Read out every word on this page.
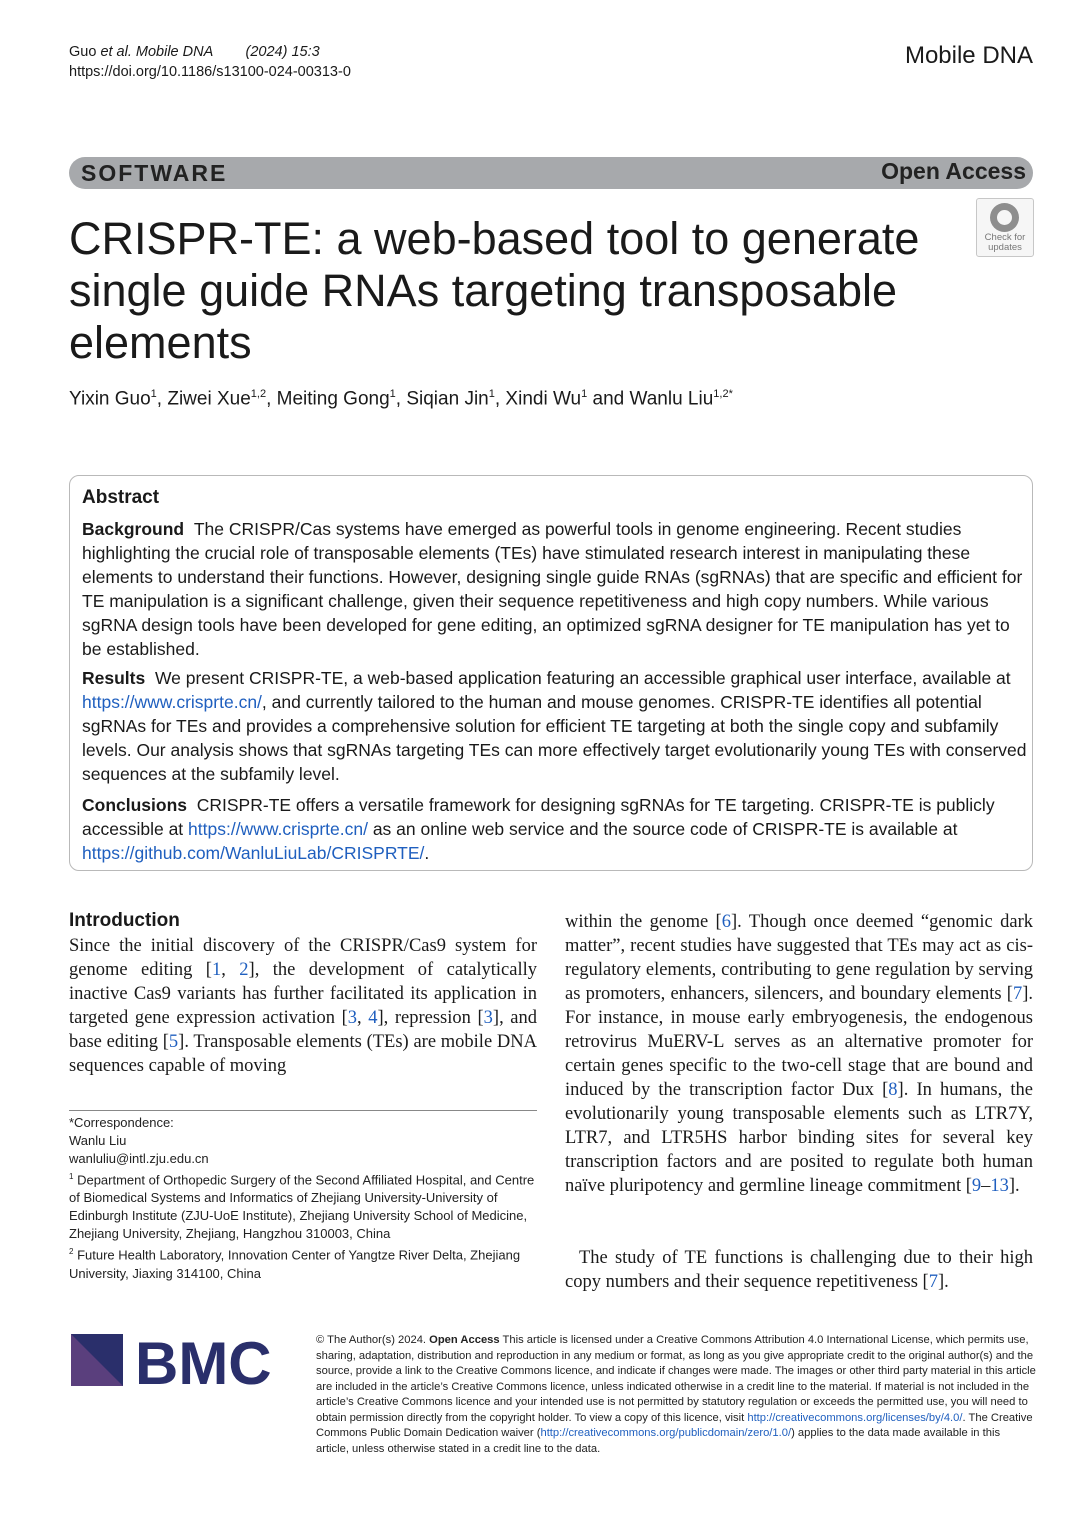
Guo et al. Mobile DNA (2024) 15:3
https://doi.org/10.1186/s13100-024-00313-0
Mobile DNA
SOFTWARE	Open Access
Check for
updates
CRISPR-TE: a web-based tool to generate single guide RNAs targeting transposable elements
Yixin Guo$^1$, Ziwei Xue$^{1,2}$, Meiting Gong$^1$, Siqian Jin$^1$, Xindi Wu$^1$ and Wanlu Liu$^{1,2*}$
Abstract
Background The CRISPR/Cas systems have emerged as powerful tools in genome engineering. Recent studies highlighting the crucial role of transposable elements (TEs) have stimulated research interest in manipulating these elements to understand their functions. However, designing single guide RNAs (sgRNAs) that are specific and efficient for TE manipulation is a significant challenge, given their sequence repetitiveness and high copy numbers. While various sgRNA design tools have been developed for gene editing, an optimized sgRNA designer for TE manipulation has yet to be established.
Results We present CRISPR-TE, a web-based application featuring an accessible graphical user interface, available at https://www.crisprte.cn/, and currently tailored to the human and mouse genomes. CRISPR-TE identifies all potential sgRNAs for TEs and provides a comprehensive solution for efficient TE targeting at both the single copy and subfamily levels. Our analysis shows that sgRNAs targeting TEs can more effectively target evolutionarily young TEs with conserved sequences at the subfamily level.
Conclusions CRISPR-TE offers a versatile framework for designing sgRNAs for TE targeting. CRISPR-TE is publicly accessible at https://www.crisprte.cn/ as an online web service and the source code of CRISPR-TE is available at https://github.com/WanluLiuLab/CRISPRTE/.
Introduction
Since the initial discovery of the CRISPR/Cas9 system for genome editing [1, 2], the development of catalytically inactive Cas9 variants has further facilitated its application in targeted gene expression activation [3, 4], repression [3], and base editing [5]. Transposable elements (TEs) are mobile DNA sequences capable of moving
within the genome [6]. Though once deemed “genomic dark matter”, recent studies have suggested that TEs may act as cis-regulatory elements, contributing to gene regulation by serving as promoters, enhancers, silencers, and boundary elements [7]. For instance, in mouse early embryogenesis, the endogenous retrovirus MuERV-L serves as an alternative promoter for certain genes specific to the two-cell stage that are bound and induced by the transcription factor Dux [8]. In humans, the evolutionarily young transposable elements such as LTR7Y, LTR7, and LTR5HS harbor binding sites for several key transcription factors and are posited to regulate both human naïve pluripotency and germline lineage commitment [9–13].
The study of TE functions is challenging due to their high copy numbers and their sequence repetitiveness [7].
*Correspondence:
Wanlu Liu
wanluliu@intl.zju.edu.cn
$^1$ Department of Orthopedic Surgery of the Second Affiliated Hospital, and Centre of Biomedical Systems and Informatics of Zhejiang University-University of Edinburgh Institute (ZJU-UoE Institute), Zhejiang University School of Medicine, Zhejiang University, Zhejiang, Hangzhou 310003, China
$^2$ Future Health Laboratory, Innovation Center of Yangtze River Delta, Zhejiang University, Jiaxing 314100, China
BMC	© The Author(s) 2024. Open Access This article is licensed under a Creative Commons Attribution 4.0 International License, which permits use, sharing, adaptation, distribution and reproduction in any medium or format, as long as you give appropriate credit to the original author(s) and the source, provide a link to the Creative Commons licence, and indicate if changes were made. The images or other third party material in this article are included in the article’s Creative Commons licence, unless indicated otherwise in a credit line to the material. If material is not included in the article’s Creative Commons licence and your intended use is not permitted by statutory regulation or exceeds the permitted use, you will need to obtain permission directly from the copyright holder. To view a copy of this licence, visit http://creativecommons.org/licenses/by/4.0/. The Creative Commons Public Domain Dedication waiver (http://creativecommons.org/publicdomain/zero/1.0/) applies to the data made available in this article, unless otherwise stated in a credit line to the data.
